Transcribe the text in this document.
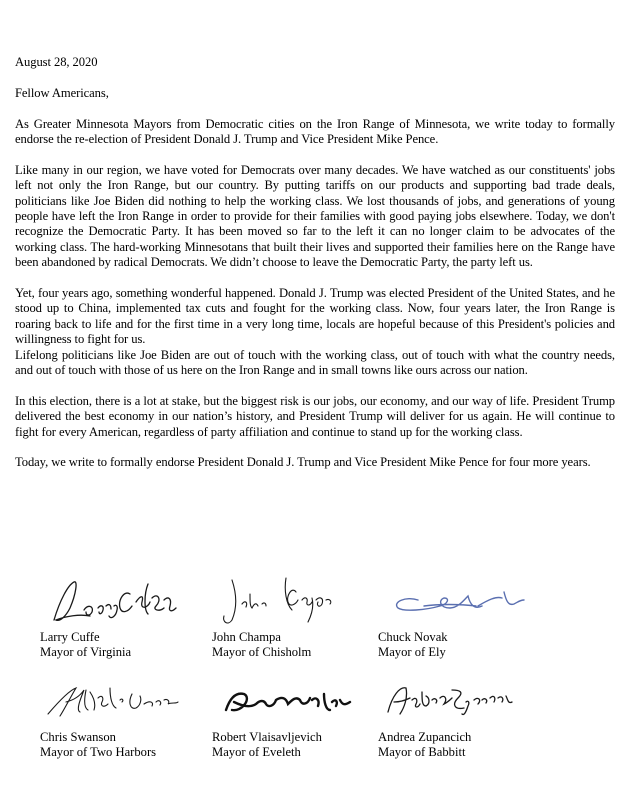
August 28, 2020

Fellow Americans,

As Greater Minnesota Mayors from Democratic cities on the Iron Range of Minnesota, we write today to formally endorse the re-election of President Donald J. Trump and Vice President Mike Pence.

Like many in our region, we have voted for Democrats over many decades. We have watched as our constituents' jobs left not only the Iron Range, but our country. By putting tariffs on our products and supporting bad trade deals, politicians like Joe Biden did nothing to help the working class. We lost thousands of jobs, and generations of young people have left the Iron Range in order to provide for their families with good paying jobs elsewhere. Today, we don't recognize the Democratic Party. It has been moved so far to the left it can no longer claim to be advocates of the working class. The hard-working Minnesotans that built their lives and supported their families here on the Range have been abandoned by radical Democrats. We didn’t choose to leave the Democratic Party, the party left us.

Yet, four years ago, something wonderful happened. Donald J. Trump was elected President of the United States, and he stood up to China, implemented tax cuts and fought for the working class. Now, four years later, the Iron Range is roaring back to life and for the first time in a very long time, locals are hopeful because of this President's policies and willingness to fight for us.

Lifelong politicians like Joe Biden are out of touch with the working class, out of touch with what the country needs, and out of touch with those of us here on the Iron Range and in small towns like ours across our nation.

In this election, there is a lot at stake, but the biggest risk is our jobs, our economy, and our way of life. President Trump delivered the best economy in our nation’s history, and President Trump will deliver for us again. He will continue to fight for every American, regardless of party affiliation and continue to stand up for the working class.

Today, we write to formally endorse President Donald J. Trump and Vice President Mike Pence for four more years.

Larry Cuffe
Mayor of Virginia
John Champa
Mayor of Chisholm
Chuck Novak
Mayor of Ely
Chris Swanson
Mayor of Two Harbors
Robert Vlaisavljevich
Mayor of Eveleth
Andrea Zupancich
Mayor of Babbitt
